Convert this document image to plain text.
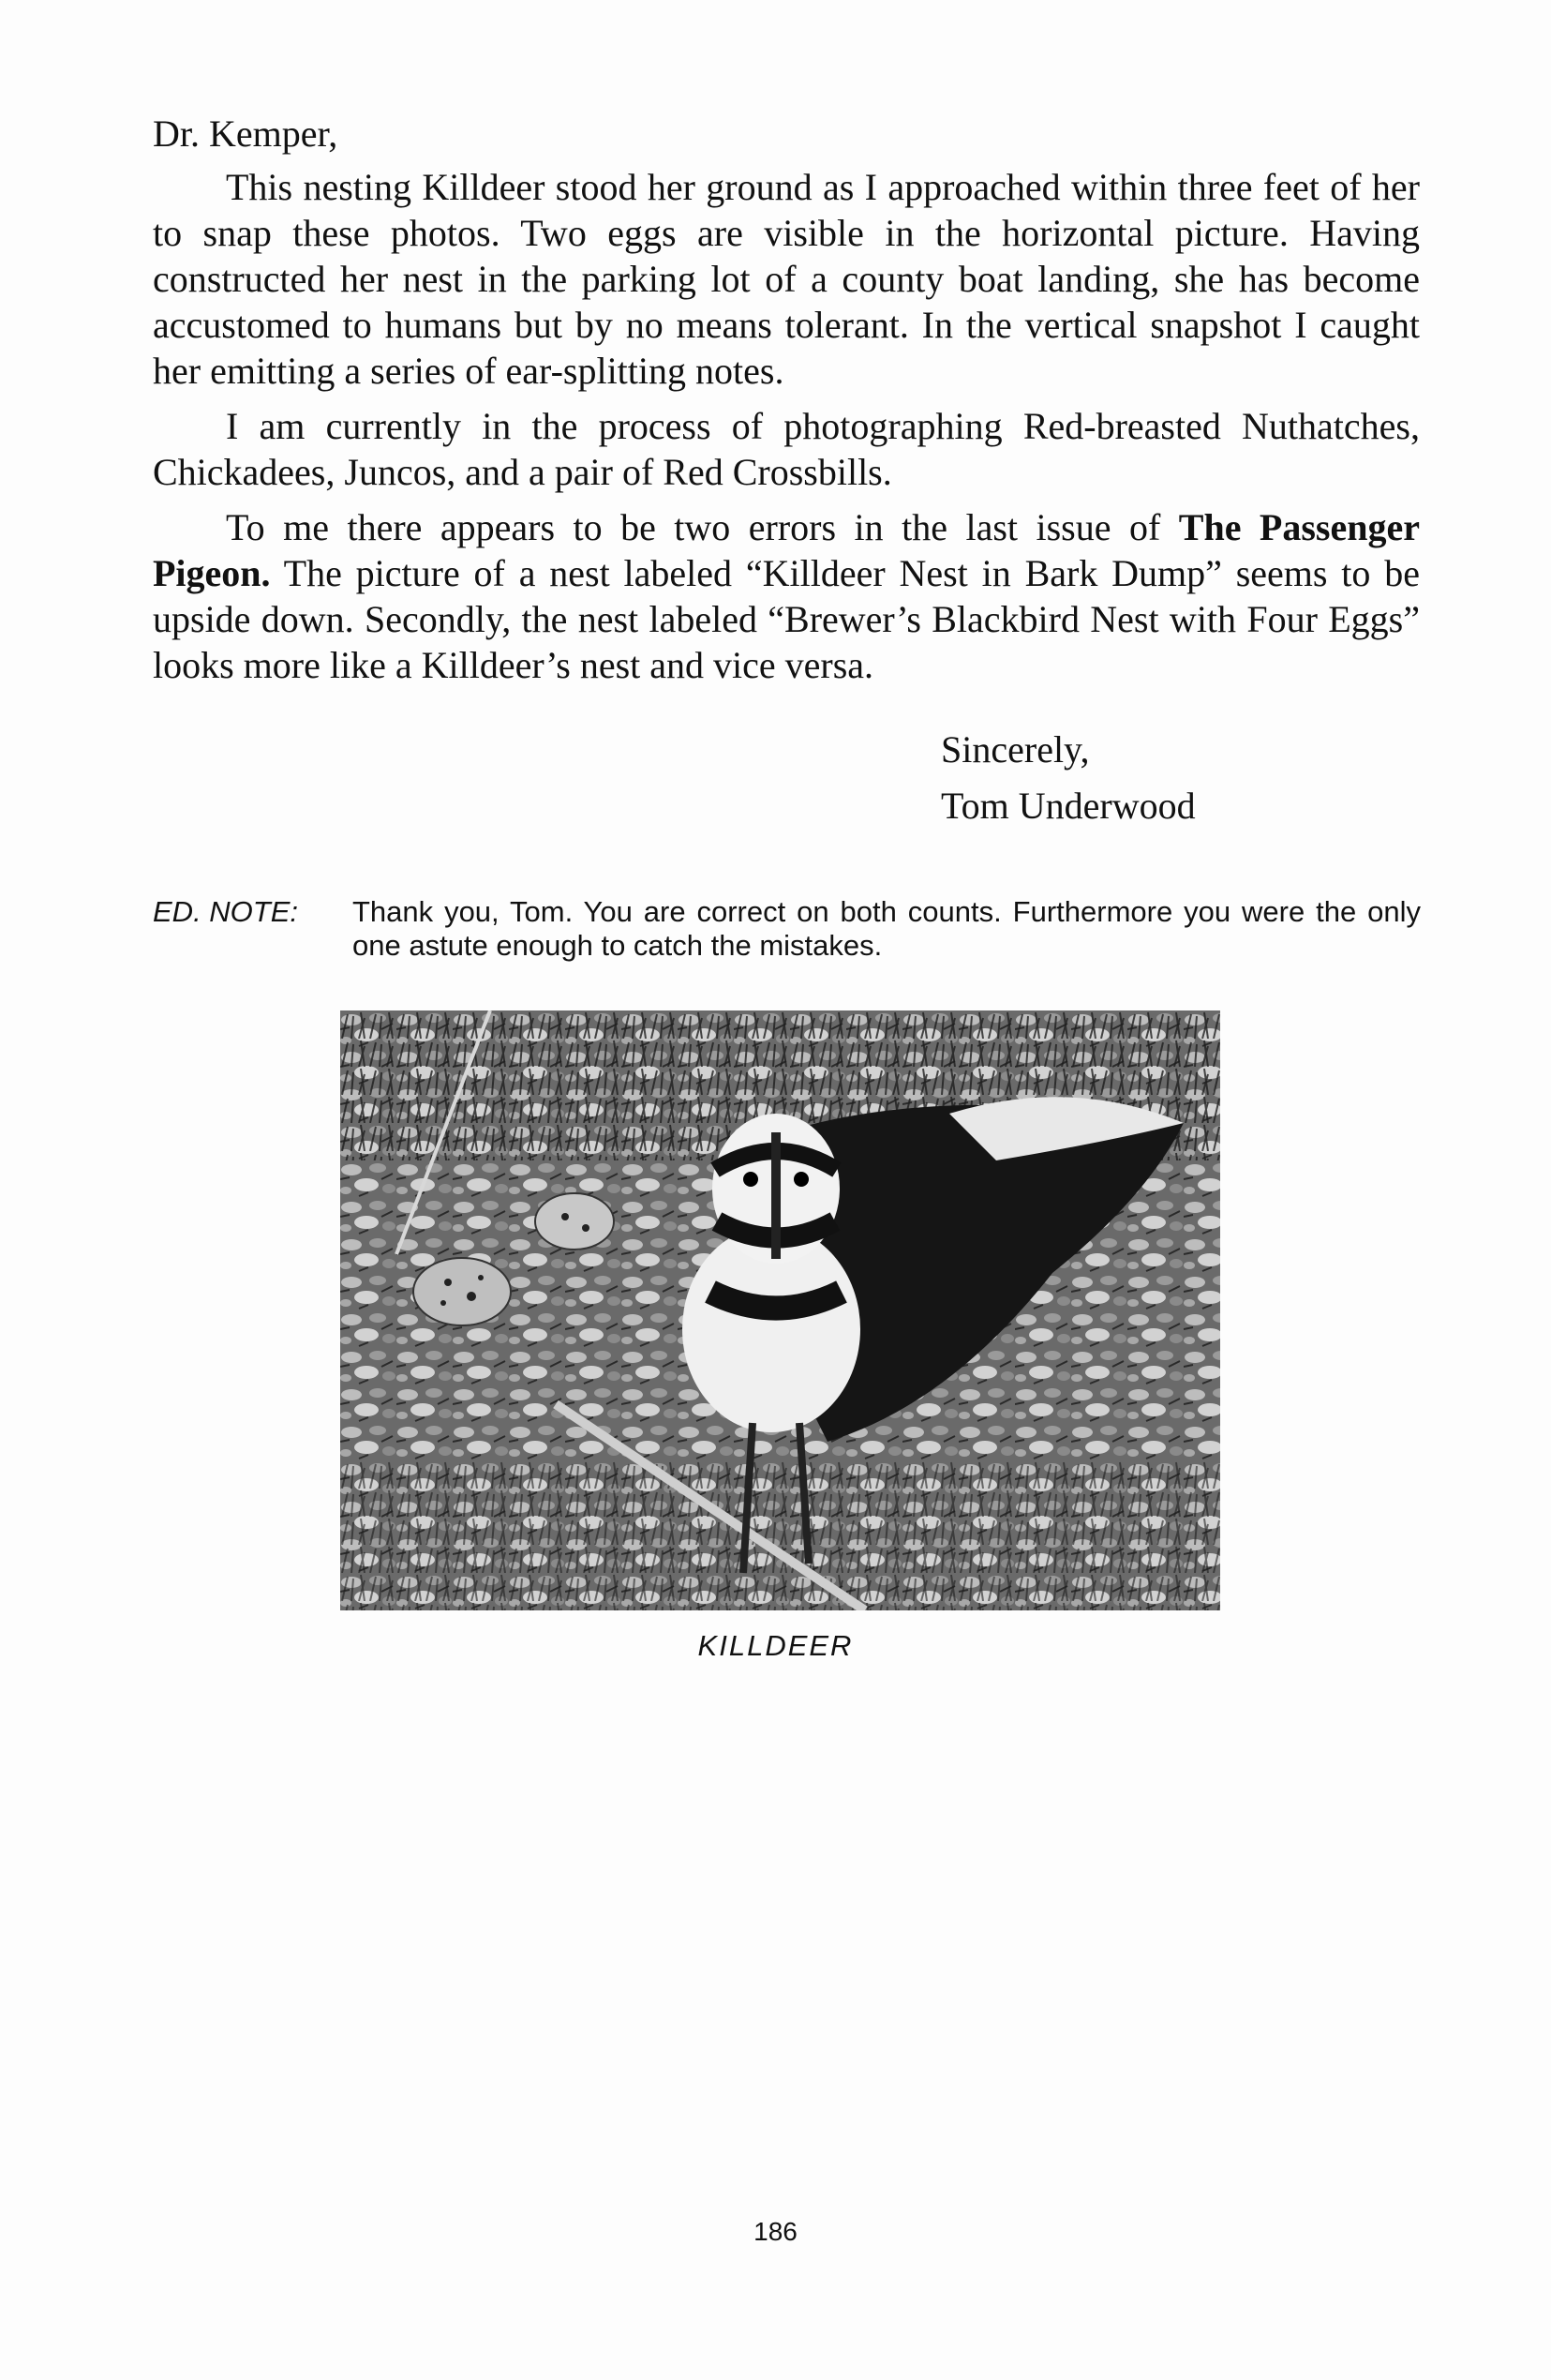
Dr. Kemper,

This nesting Killdeer stood her ground as I approached within three feet of her to snap these photos. Two eggs are visible in the horizontal picture. Having constructed her nest in the parking lot of a county boat landing, she has become accustomed to humans but by no means tolerant. In the vertical snapshot I caught her emitting a series of ear-splitting notes.

I am currently in the process of photographing Red-breasted Nuthatches, Chickadees, Juncos, and a pair of Red Crossbills.

To me there appears to be two errors in the last issue of The Passenger Pigeon. The picture of a nest labeled “Killdeer Nest in Bark Dump” seems to be upside down. Secondly, the nest labeled “Brewer’s Blackbird Nest with Four Eggs” looks more like a Killdeer’s nest and vice versa.

Sincerely,
Tom Underwood
ED. NOTE: Thank you, Tom. You are correct on both counts. Furthermore you were the only one astute enough to catch the mistakes.
KILLDEER
186
